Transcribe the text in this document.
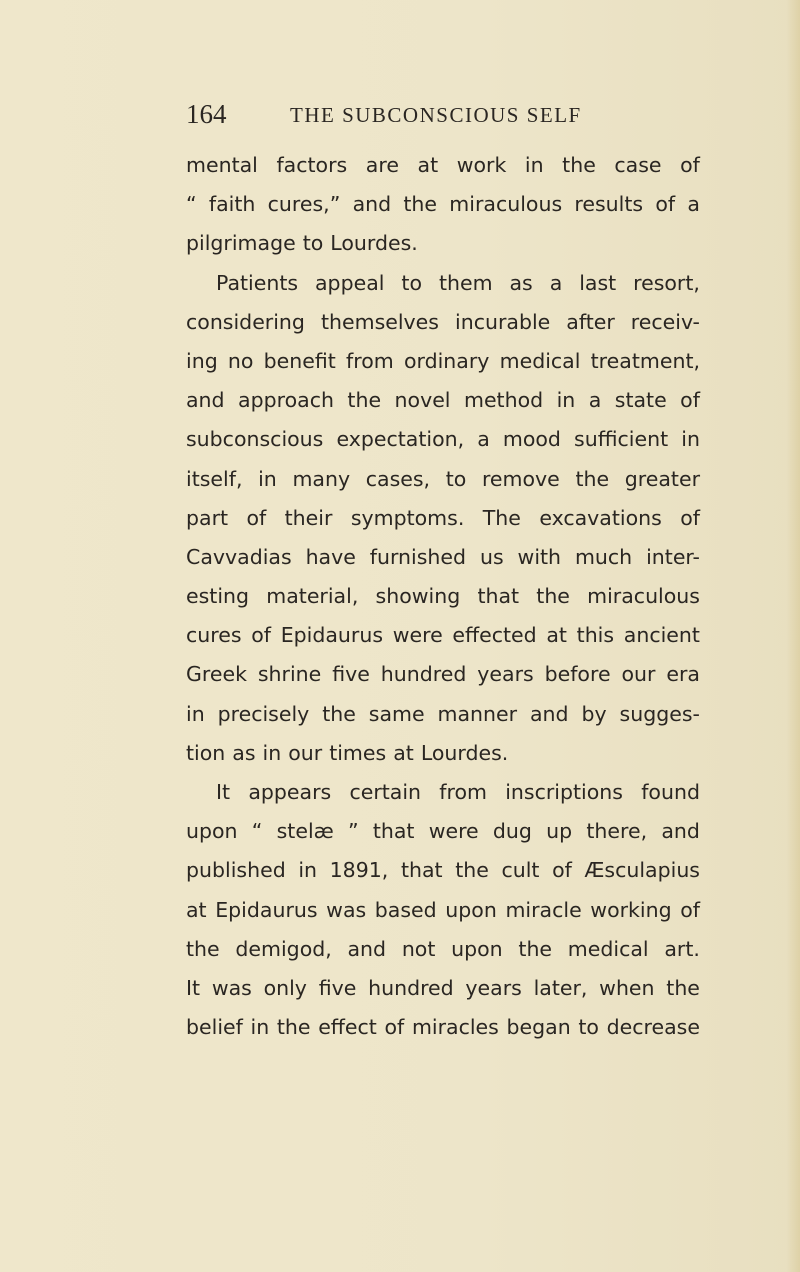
164	THE SUBCONSCIOUS SELF
mental factors are at work in the case of
“ faith cures,” and the miraculous results of a
pilgrimage to Lourdes.
Patients appeal to them as a last resort,
considering themselves incurable after receiv-
ing no benefit from ordinary medical treatment,
and approach the novel method in a state of
subconscious expectation, a mood sufficient in
itself, in many cases, to remove the greater
part of their symptoms. The excavations of
Cavvadias have furnished us with much inter-
esting material, showing that the miraculous
cures of Epidaurus were effected at this ancient
Greek shrine five hundred years before our era
in precisely the same manner and by sugges-
tion as in our times at Lourdes.
It appears certain from inscriptions found
upon “ stelæ ” that were dug up there, and
published in 1891, that the cult of Æsculapius
at Epidaurus was based upon miracle working of
the demigod, and not upon the medical art.
It was only five hundred years later, when the
belief in the effect of miracles began to decrease
